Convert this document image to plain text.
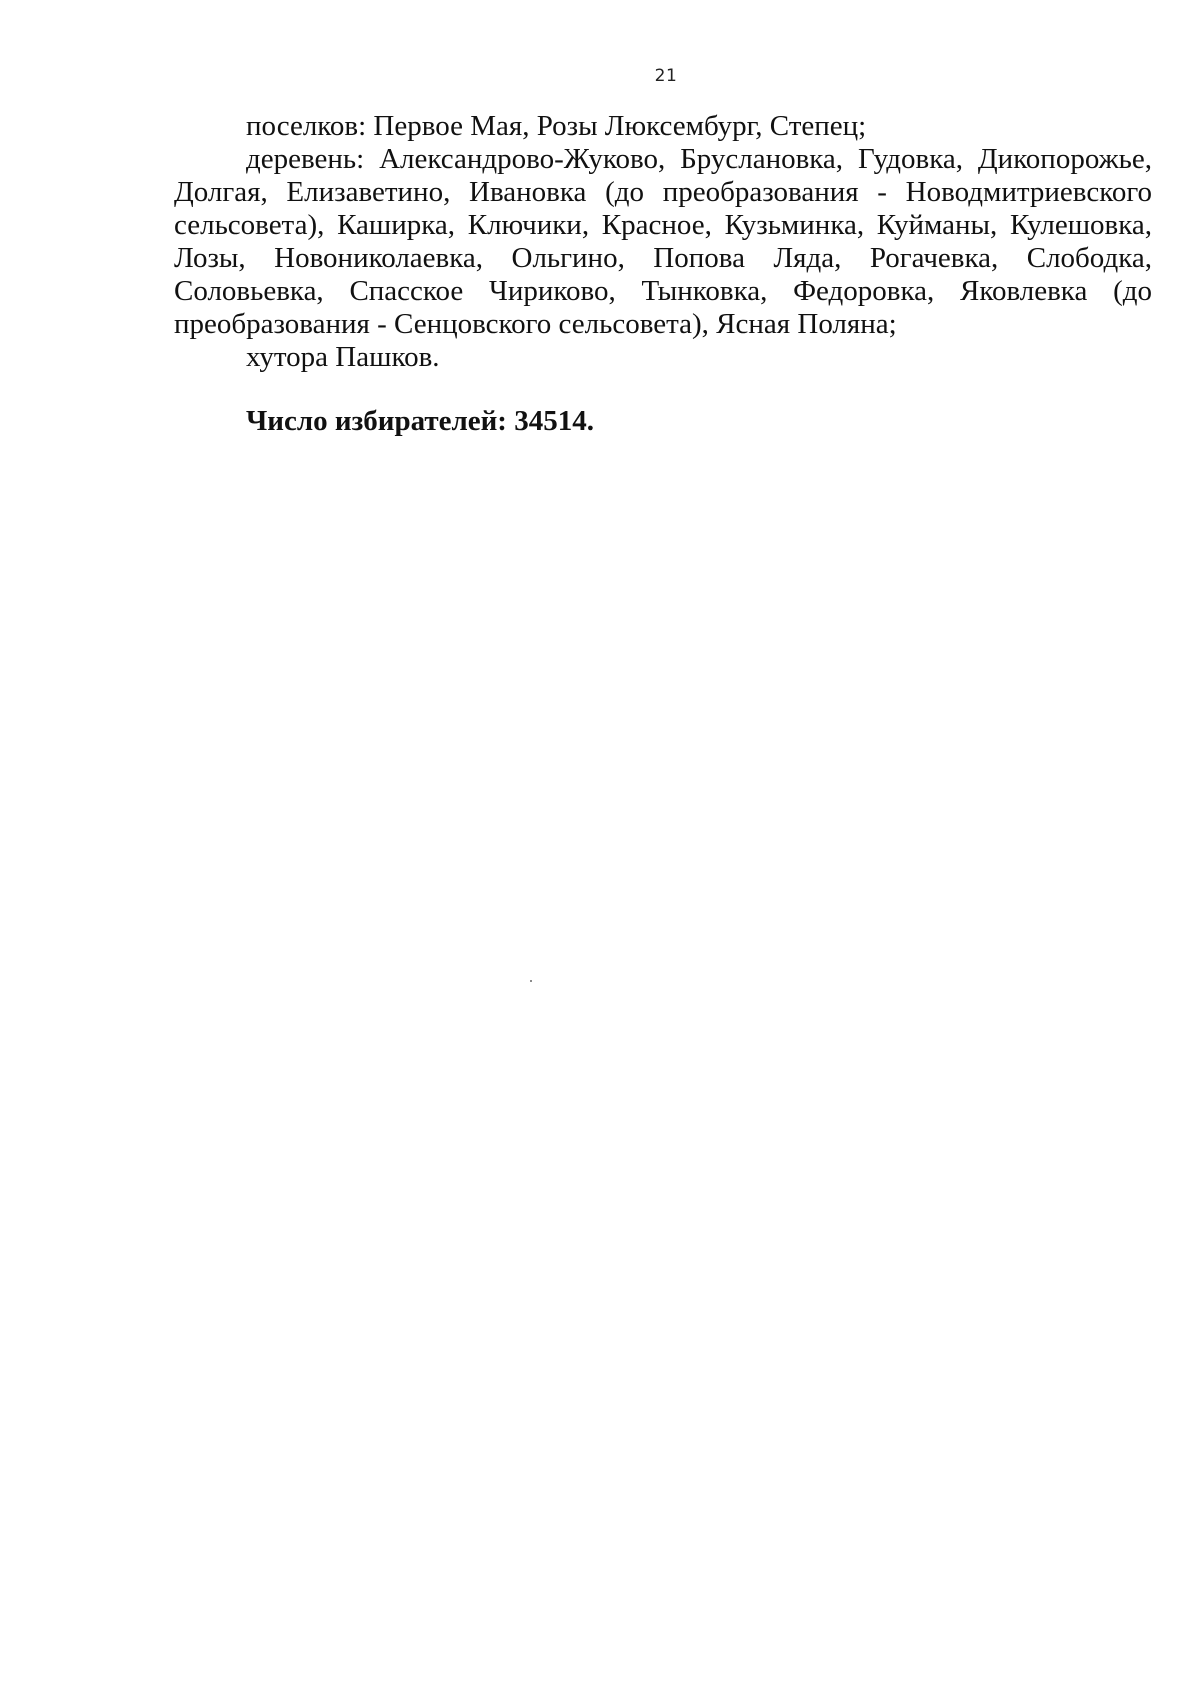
21

поселков: Первое Мая, Розы Люксембург, Степец;

деревень: Александрово-Жуково, Бруслановка, Гудовка, Дикопорожье, Долгая, Елизаветино, Ивановка (до преобразования - Новодмитриевского сельсовета), Каширка, Ключики, Красное, Кузьминка, Куйманы, Кулешовка, Лозы, Новониколаевка, Ольгино, Попова Ляда, Рогачевка, Слободка, Соловьевка, Спасское Чириково, Тынковка, Федоровка, Яковлевка (до преобразования - Сенцовского сельсовета), Ясная Поляна;

хутора Пашков.

Число избирателей: 34514.
